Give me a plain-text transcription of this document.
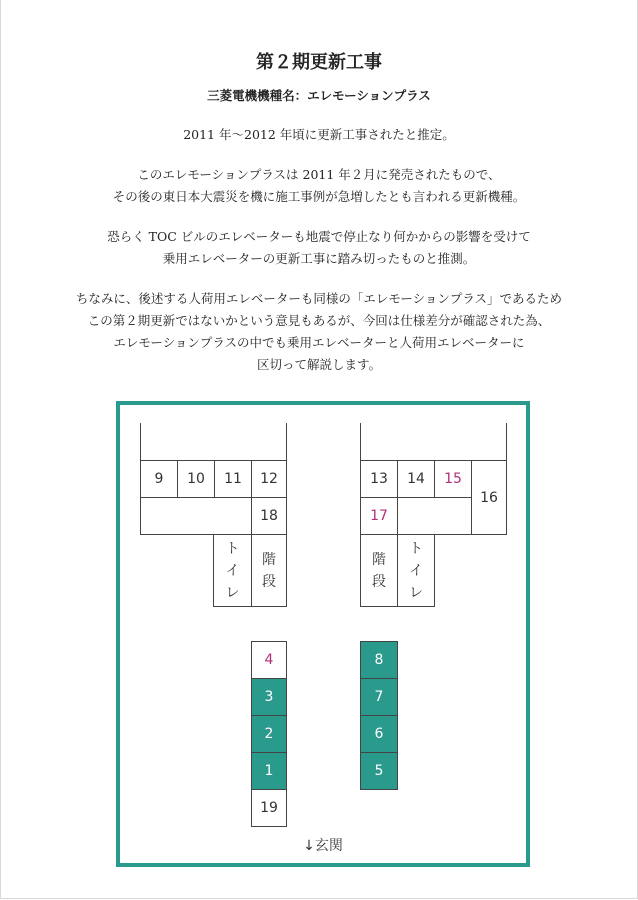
第２期更新工事
三菱電機機種名：エレモーションプラス

2011 年～2012 年頃に更新工事されたと推定。

このエレモーションプラスは 2011 年２月に発売されたもので、
その後の東日本大震災を機に施工事例が急増したとも言われる更新機種。

恐らく TOC ビルのエレベーターも地震で停止なり何かからの影響を受けて
乗用エレベーターの更新工事に踏み切ったものと推測。

ちなみに、後述する人荷用エレベーターも同様の「エレモーションプラス」であるため
この第２期更新ではないかという意見もあるが、今回は仕様差分が確認された為、
エレモーションプラスの中でも乗用エレベーターと人荷用エレベーターに
区切って解説します。

9	10	11	12
18
ト
イ
レ
階
段
13	14	15
16
17
階
段
ト
イ
レ
4
3
2
1
19
8
7
6
5
↓玄関
